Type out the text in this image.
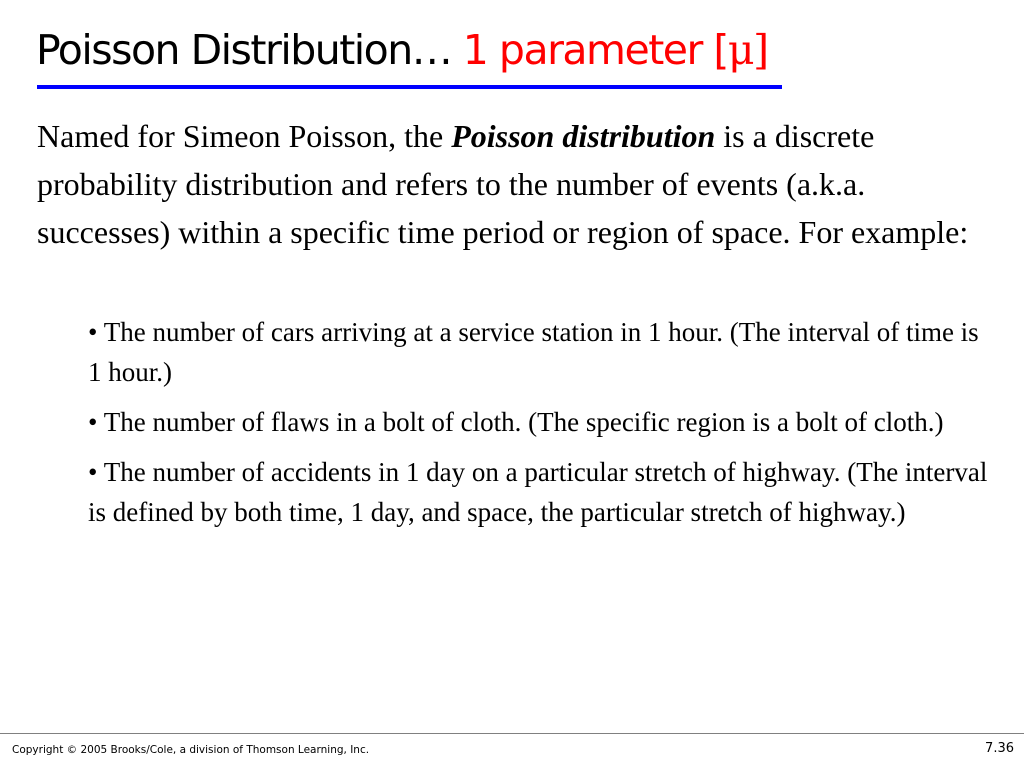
Poisson Distribution… 1 parameter [μ]

Named for Simeon Poisson, the Poisson distribution is a discrete probability distribution and refers to the number of events (a.k.a. successes) within a specific time period or region of space. For example:

• The number of cars arriving at a service station in 1 hour. (The interval of time is 1 hour.)
• The number of flaws in a bolt of cloth. (The specific region is a bolt of cloth.)
• The number of accidents in 1 day on a particular stretch of highway. (The interval is defined by both time, 1 day, and space, the particular stretch of highway.)
Copyright © 2005 Brooks/Cole, a division of Thomson Learning, Inc.	7.36
